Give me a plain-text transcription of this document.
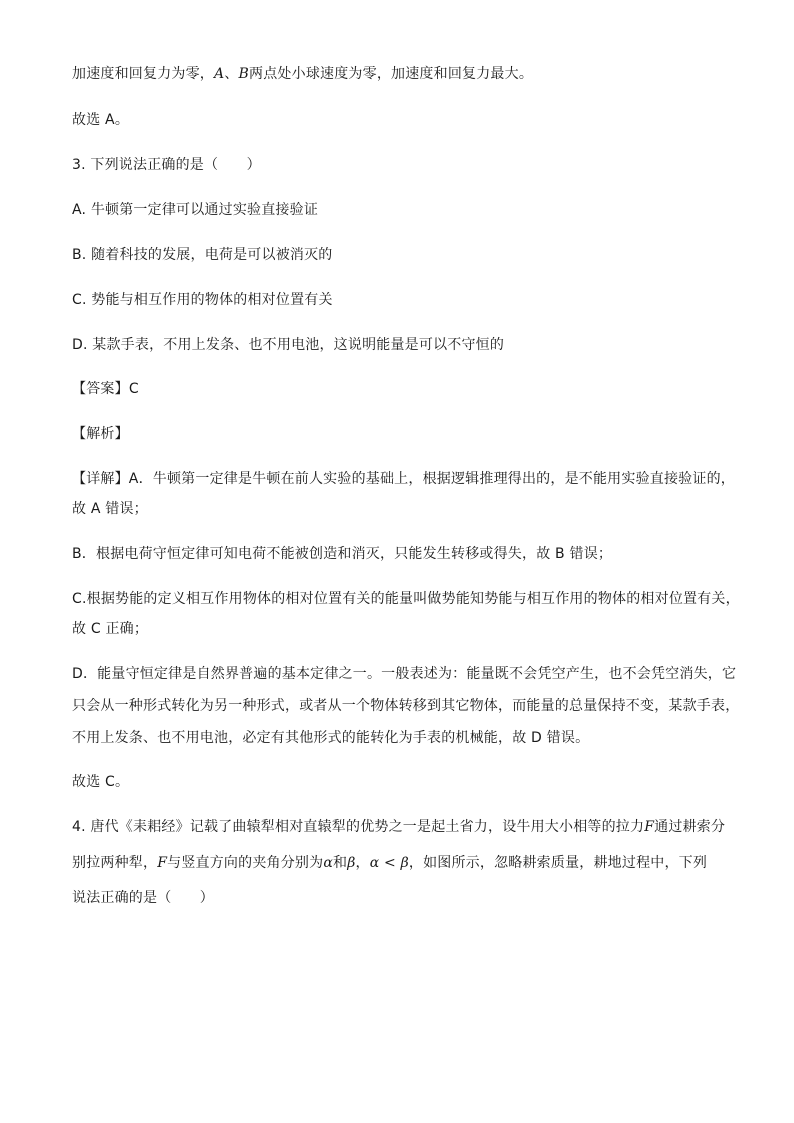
加速度和回复力为零，A、B两点处小球速度为零，加速度和回复力最大。
故选 A。
3. 下列说法正确的是（　　）
A. 牛顿第一定律可以通过实验直接验证
B. 随着科技的发展，电荷是可以被消灭的
C. 势能与相互作用的物体的相对位置有关
D. 某款手表，不用上发条、也不用电池，这说明能量是可以不守恒的
【答案】C
【解析】
【详解】A．牛顿第一定律是牛顿在前人实验的基础上，根据逻辑推理得出的，是不能用实验直接验证的，
故 A 错误；
B．根据电荷守恒定律可知电荷不能被创造和消灭，只能发生转移或得失，故 B 错误；
C.根据势能的定义相互作用物体的相对位置有关的能量叫做势能知势能与相互作用的物体的相对位置有关，
故 C 正确；
D．能量守恒定律是自然界普遍的基本定律之一。一般表述为：能量既不会凭空产生，也不会凭空消失，它
只会从一种形式转化为另一种形式，或者从一个物体转移到其它物体，而能量的总量保持不变，某款手表，
不用上发条、也不用电池，必定有其他形式的能转化为手表的机械能，故 D 错误。
故选 C。
4. 唐代《耒耜经》记载了曲辕犁相对直辕犁的优势之一是起土省力，设牛用大小相等的拉力F通过耕索分
别拉两种犁，F与竖直方向的夹角分别为α和β，α < β，如图所示，忽略耕索质量，耕地过程中，下列
说法正确的是（　　）
